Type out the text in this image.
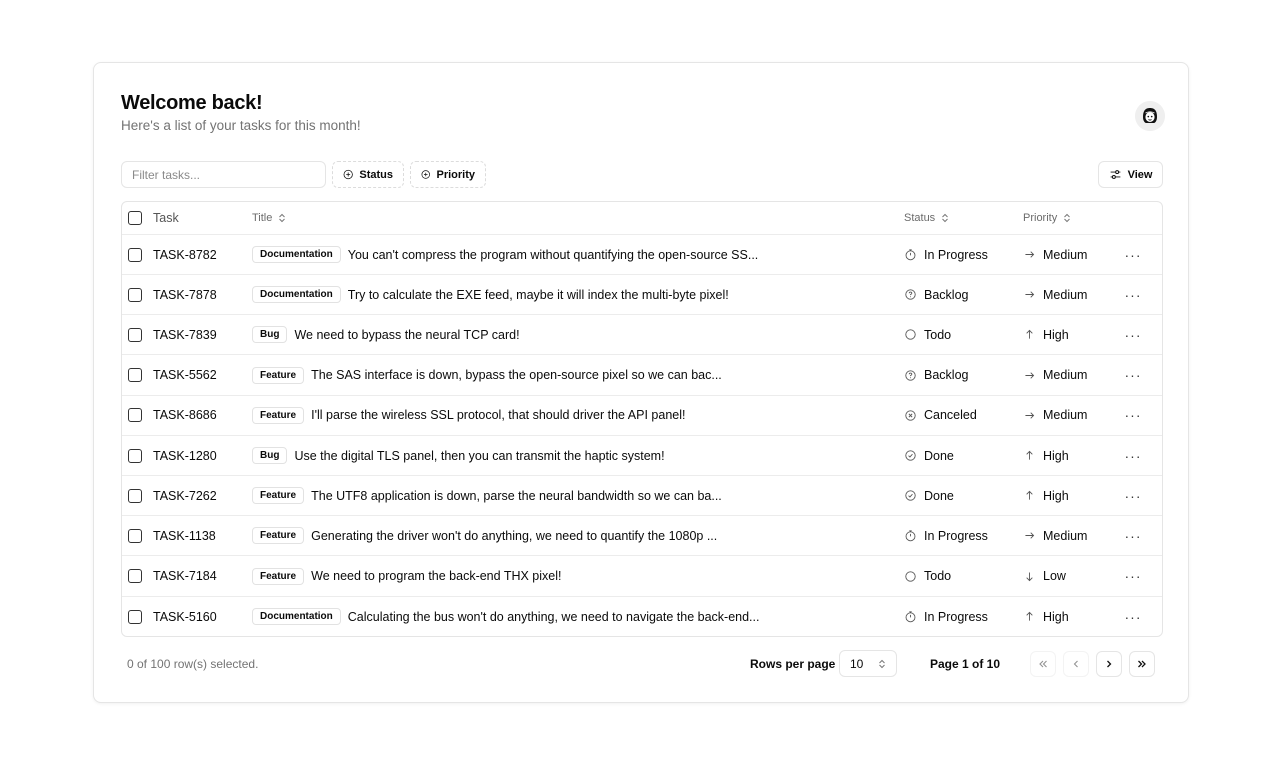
Welcome back!
Here's a list of your tasks for this month!
Filter tasks...
Status	Priority	View
Task	Title	Status	Priority
TASK-8782	Documentation	You can't compress the program without quantifying the open-source SS...	In Progress	Medium	···
TASK-7878	Documentation	Try to calculate the EXE feed, maybe it will index the multi-byte pixel!	Backlog	Medium	···
TASK-7839	Bug	We need to bypass the neural TCP card!	Todo	High	···
TASK-5562	Feature	The SAS interface is down, bypass the open-source pixel so we can bac...	Backlog	Medium	···
TASK-8686	Feature	I'll parse the wireless SSL protocol, that should driver the API panel!	Canceled	Medium	···
TASK-1280	Bug	Use the digital TLS panel, then you can transmit the haptic system!	Done	High	···
TASK-7262	Feature	The UTF8 application is down, parse the neural bandwidth so we can ba...	Done	High	···
TASK-1138	Feature	Generating the driver won't do anything, we need to quantify the 1080p ...	In Progress	Medium	···
TASK-7184	Feature	We need to program the back-end THX pixel!	Todo	Low	···
TASK-5160	Documentation	Calculating the bus won't do anything, we need to navigate the back-end...	In Progress	High	···
0 of 100 row(s) selected.	Rows per page 10	Page 1 of 10
